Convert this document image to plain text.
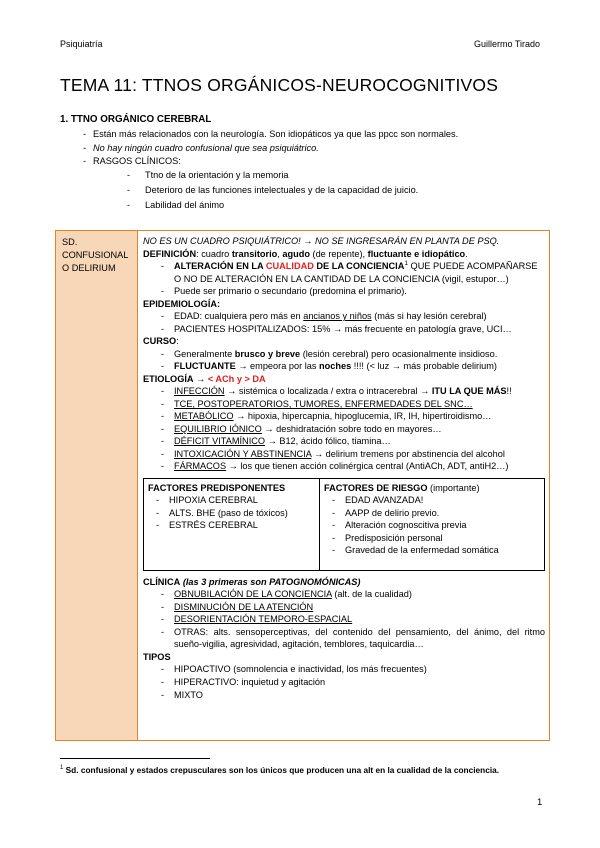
Psiquiatría	Guillermo Tirado
TEMA 11: TTNOS ORGÁNICOS-NEUROCOGNITIVOS
1. TTNO ORGÁNICO CEREBRAL
- Están más relacionados con la neurología. Son idiopáticos ya que las ppcc son normales.
- No hay ningún cuadro confusional que sea psiquiátrico.
- RASGOS CLÍNICOS:
- Ttno de la orientación y la memoria
- Deterioro de las funciones intelectuales y de la capacidad de juicio.
- Labilidad del ánimo
SD. CONFUSIONAL O DELIRIUM
NO ES UN CUADRO PSIQUIÁTRICO! → NO SE INGRESARÁN EN PLANTA DE PSQ.
DEFINICIÓN: cuadro transitorio, agudo (de repente), fluctuante e idiopático.
- ALTERACIÓN EN LA CUALIDAD DE LA CONCIENCIA$^1$ QUE PUEDE ACOMPAÑARSE O NO DE ALTERACIÓN EN LA CANTIDAD DE LA CONCIENCIA (vigil, estupor…)
- Puede ser primario o secundario (predomina el primario).
EPIDEMIOLOGÍA:
- EDAD: cualquiera pero más en ancianos y niños (más si hay lesión cerebral)
- PACIENTES HOSPITALIZADOS: 15% → más frecuente en patología grave, UCI…
CURSO:
- Generalmente brusco y breve (lesión cerebral) pero ocasionalmente insidioso.
- FLUCTUANTE → empeora por las noches !!!! (< luz → más probable delirium)
ETIOLOGÍA → < ACh y > DA
- INFECCIÓN → sistémica o localizada / extra o intracerebral → ITU LA QUE MÁS!!
- TCE, POSTOPERATORIOS, TUMORES, ENFERMEDADES DEL SNC…
- METABÓLICO → hipoxia, hipercapnia, hipoglucemia, IR, IH, hipertiroidismo…
- EQUILIBRIO IÓNICO → deshidratación sobre todo en mayores…
- DÉFICIT VITAMÍNICO → B12, ácido fólico, tiamina…
- INTOXICACIÓN Y ABSTINENCIA → delirium tremens por abstinencia del alcohol
- FÁRMACOS → los que tienen acción colinérgica central (AntiACh, ADT, antiH2…)
FACTORES PREDISPONENTES
- HIPOXIA CEREBRAL
- ALTS. BHE (paso de tóxicos)
- ESTRÉS CEREBRAL
FACTORES DE RIESGO (importante)
- EDAD AVANZADA!
- AAPP de delirio previo.
- Alteración cognoscitiva previa
- Predisposición personal
- Gravedad de la enfermedad somática
CLÍNICA (las 3 primeras son PATOGNOMÓNICAS)
- OBNUBILACIÓN DE LA CONCIENCIA (alt. de la cualidad)
- DISMINUCIÓN DE LA ATENCIÓN
- DESORIENTACIÓN TEMPORO-ESPACIAL
- OTRAS: alts. sensoperceptivas, del contenido del pensamiento, del ánimo, del ritmo sueño-vigilia, agresividad, agitación, temblores, taquicardia…
TIPOS
- HIPOACTIVO (somnolencia e inactividad, los más frecuentes)
- HIPERACTIVO: inquietud y agitación
- MIXTO
$^1$ Sd. confusional y estados crepusculares son los únicos que producen una alt en la cualidad de la conciencia.
1
